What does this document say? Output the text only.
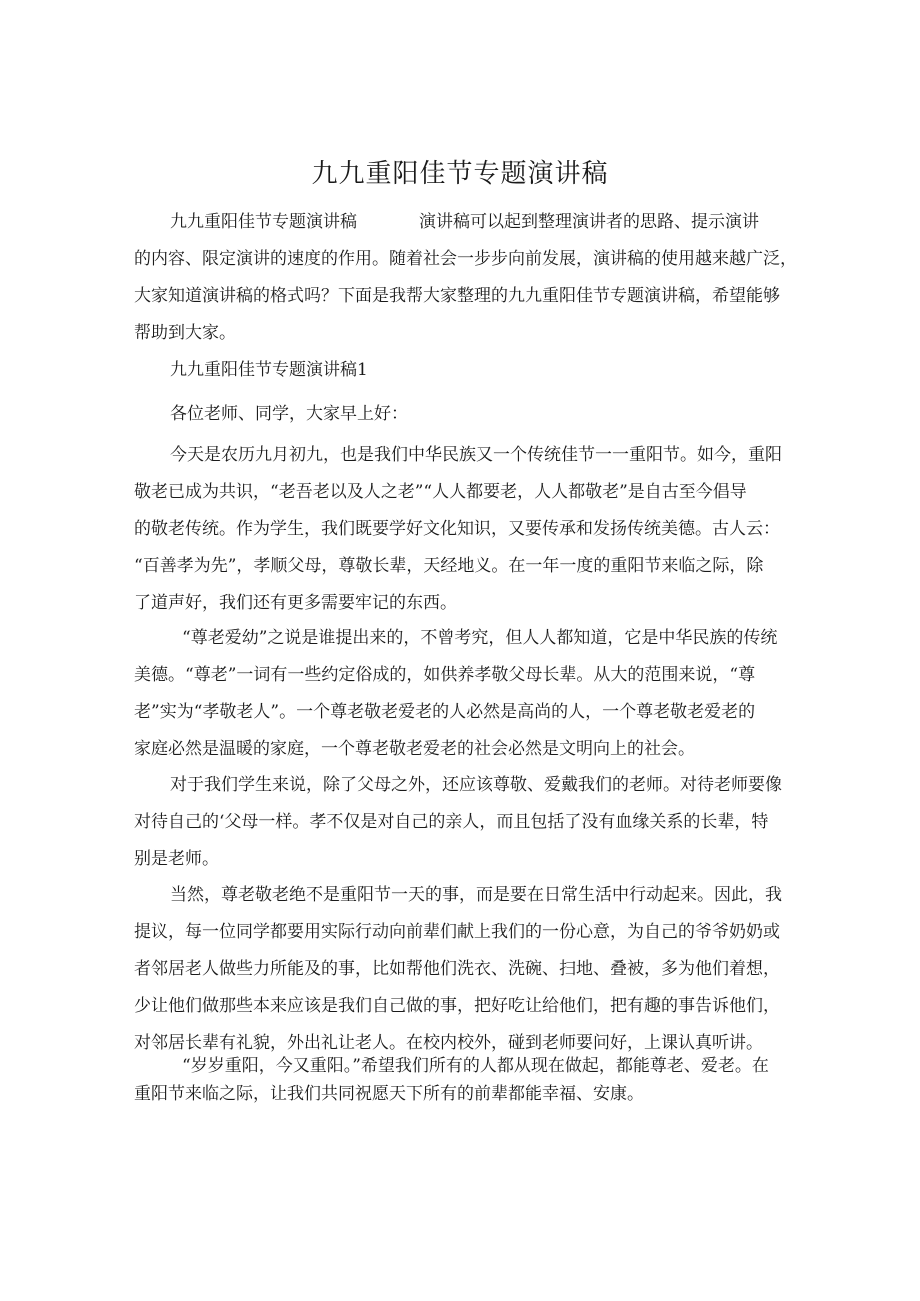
九九重阳佳节专题演讲稿
九九重阳佳节专题演讲稿	演讲稿可以起到整理演讲者的思路、提示演讲
的内容、限定演讲的速度的作用。随着社会一步步向前发展，演讲稿的使用越来越广泛，
大家知道演讲稿的格式吗？下面是我帮大家整理的九九重阳佳节专题演讲稿，希望能够
帮助到大家。
九九重阳佳节专题演讲稿1
各位老师、同学，大家早上好：
今天是农历九月初九，也是我们中华民族又一个传统佳节一一重阳节。如今，重阳
敬老已成为共识，“老吾老以及人之老”“人人都要老，人人都敬老”是自古至今倡导
的敬老传统。作为学生，我们既要学好文化知识，又要传承和发扬传统美德。古人云：
“百善孝为先”，孝顺父母，尊敬长辈，天经地义。在一年一度的重阳节来临之际，除
了道声好，我们还有更多需要牢记的东西。
“尊老爱幼”之说是谁提出来的，不曾考究，但人人都知道，它是中华民族的传统
美德。“尊老”一词有一些约定俗成的，如供养孝敬父母长辈。从大的范围来说，“尊
老”实为“孝敬老人”。一个尊老敬老爱老的人必然是高尚的人，一个尊老敬老爱老的
家庭必然是温暖的家庭，一个尊老敬老爱老的社会必然是文明向上的社会。
对于我们学生来说，除了父母之外，还应该尊敬、爱戴我们的老师。对待老师要像
对待自己的‘父母一样。孝不仅是对自己的亲人，而且包括了没有血缘关系的长辈，特
别是老师。
当然，尊老敬老绝不是重阳节一天的事，而是要在日常生活中行动起来。因此，我
提议，每一位同学都要用实际行动向前辈们献上我们的一份心意，为自己的爷爷奶奶或
者邻居老人做些力所能及的事，比如帮他们洗衣、洗碗、扫地、叠被，多为他们着想，
少让他们做那些本来应该是我们自己做的事，把好吃让给他们，把有趣的事告诉他们，
对邻居长辈有礼貌，外出礼让老人。在校内校外，碰到老师要问好，上课认真听讲。
“岁岁重阳，今又重阳。”希望我们所有的人都从现在做起，都能尊老、爱老。在
重阳节来临之际，让我们共同祝愿天下所有的前辈都能幸福、安康。
